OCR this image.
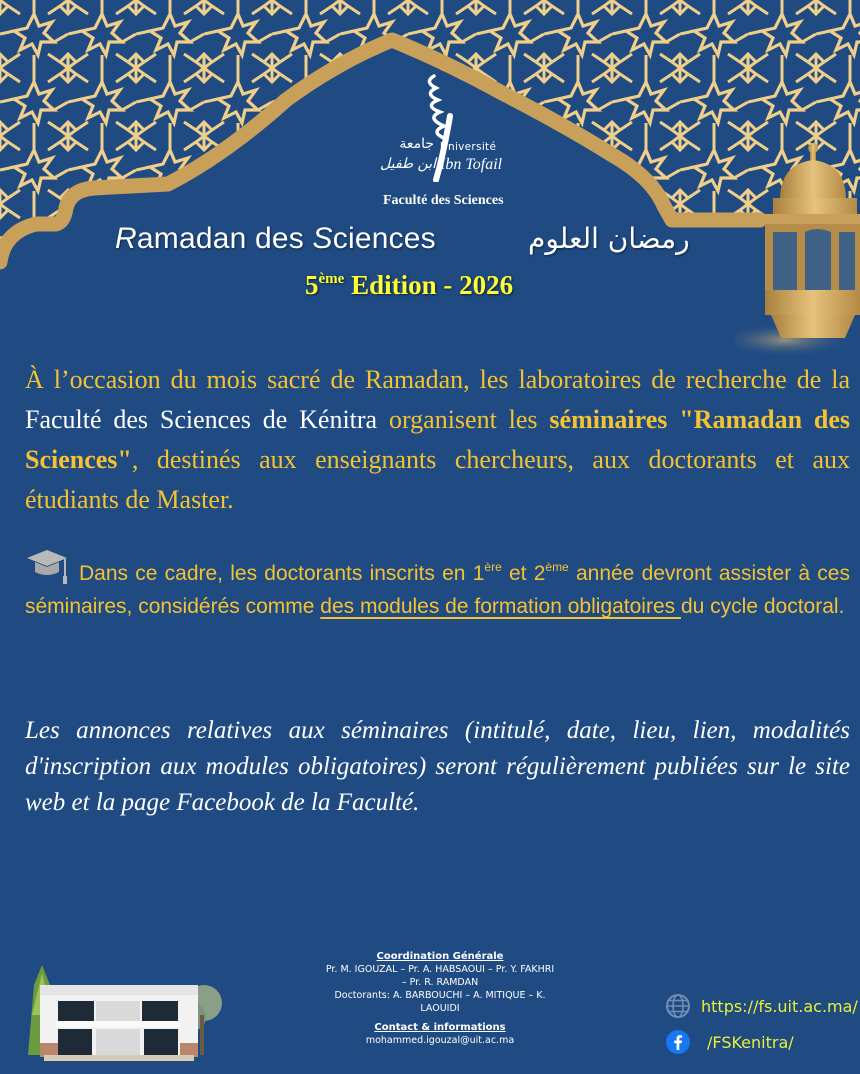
جامعة
ابن طفيل
Université
Ibn Tofail
Faculté des Sciences
Ramadan des Sciences	رمضان العلوم
5ème Edition - 2026

À l’occasion du mois sacré de Ramadan, les laboratoires de recherche de la Faculté des Sciences de Kénitra organisent les séminaires "Ramadan des Sciences", destinés aux enseignants chercheurs, aux doctorants et aux étudiants de Master.

Dans ce cadre, les doctorants inscrits en 1ère et 2ème année devront assister à ces séminaires, considérés comme des modules de formation obligatoires du cycle doctoral.

Les annonces relatives aux séminaires (intitulé, date, lieu, lien, modalités d'inscription aux modules obligatoires) seront régulièrement publiées sur le site web et la page Facebook de la Faculté.

Coordination Générale
Pr. M. IGOUZAL – Pr. A. HABSAOUI – Pr. Y. FAKHRI
– Pr. R. RAMDAN
Doctorants: A. BARBOUCHI – A. MITIQUE – K.
LAOUIDI
Contact & informations
mohammed.igouzal@uit.ac.ma
https://fs.uit.ac.ma/
/FSKenitra/
